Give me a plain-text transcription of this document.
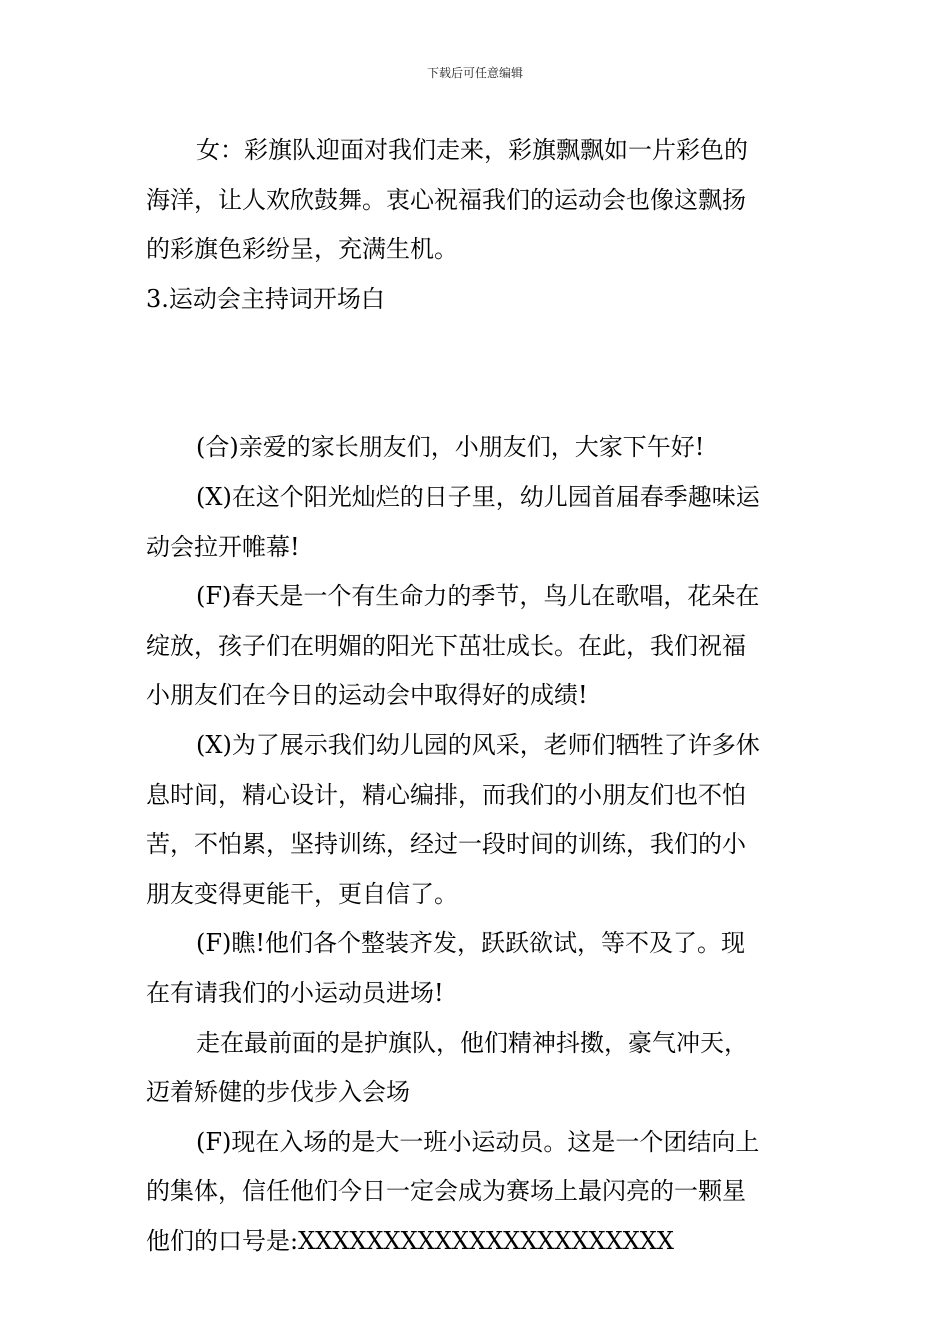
下载后可任意编辑

女：彩旗队迎面对我们走来，彩旗飘飘如一片彩色的
海洋，让人欢欣鼓舞。衷心祝福我们的运动会也像这飘扬
的彩旗色彩纷呈，充满生机。

3.运动会主持词开场白

(合)亲爱的家长朋友们，小朋友们，大家下午好!

(X)在这个阳光灿烂的日子里，幼儿园首届春季趣味运
动会拉开帷幕!

(F)春天是一个有生命力的季节，鸟儿在歌唱，花朵在
绽放，孩子们在明媚的阳光下茁壮成长。在此，我们祝福
小朋友们在今日的运动会中取得好的成绩!

(X)为了展示我们幼儿园的风采，老师们牺牲了许多休
息时间，精心设计，精心编排，而我们的小朋友们也不怕
苦，不怕累，坚持训练，经过一段时间的训练，我们的小
朋友变得更能干，更自信了。

(F)瞧!他们各个整装齐发，跃跃欲试，等不及了。现
在有请我们的小运动员进场!

走在最前面的是护旗队，他们精神抖擞，豪气冲天，
迈着矫健的步伐步入会场

(F)现在入场的是大一班小运动员。这是一个团结向上
的集体，信任他们今日一定会成为赛场上最闪亮的一颗星
他们的口号是:XXXXXXXXXXXXXXXXXXXXXX
